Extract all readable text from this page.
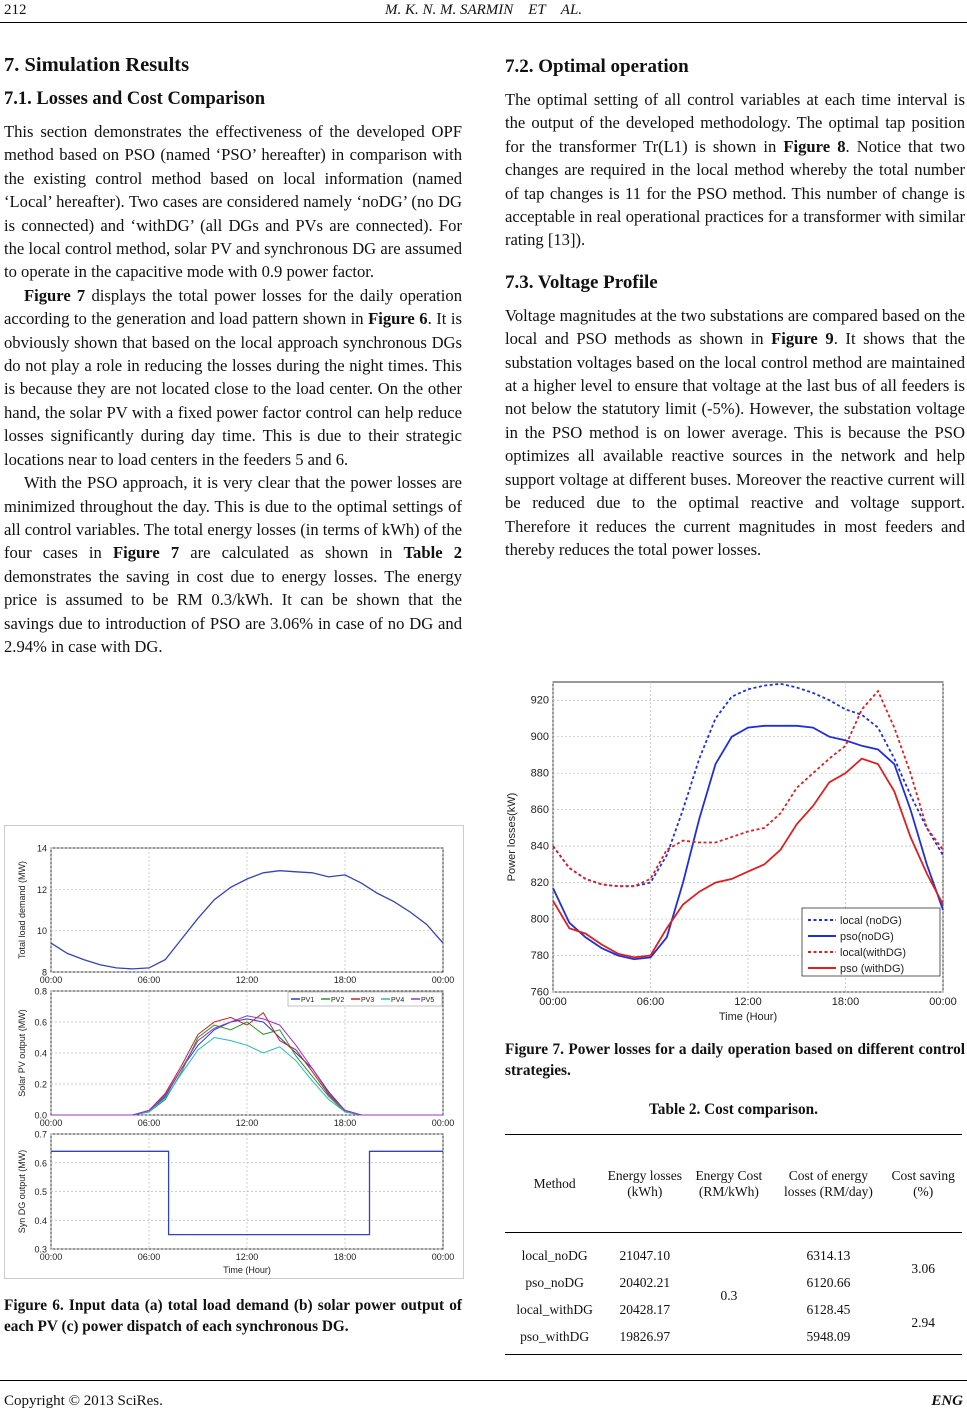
212	M. K. N. M. SARMIN ET AL.
7. Simulation Results
7.1. Losses and Cost Comparison

This section demonstrates the effectiveness of the developed OPF method based on PSO (named ‘PSO’ hereafter) in comparison with the existing control method based on local information (named ‘Local’ hereafter). Two cases are considered namely ‘noDG’ (no DG is connected) and ‘withDG’ (all DGs and PVs are connected). For the local control method, solar PV and synchronous DG are assumed to operate in the capacitive mode with 0.9 power factor.

Figure 7 displays the total power losses for the daily operation according to the generation and load pattern shown in Figure 6. It is obviously shown that based on the local approach synchronous DGs do not play a role in reducing the losses during the night times. This is because they are not located close to the load center. On the other hand, the solar PV with a fixed power factor control can help reduce losses significantly during day time. This is due to their strategic locations near to load centers in the feeders 5 and 6.

With the PSO approach, it is very clear that the power losses are minimized throughout the day. This is due to the optimal settings of all control variables. The total energy losses (in terms of kWh) of the four cases in Figure 7 are calculated as shown in Table 2 demonstrates the saving in cost due to energy losses. The energy price is assumed to be RM 0.3/kWh. It can be shown that the savings due to introduction of PSO are 3.06% in case of no DG and 2.94% in case with DG.

8
10
12
14
00:00	06:00	12:00	18:00	00:00
Total load demand (MW)
0.0
0.2
0.4
0.6
0.8
00:00	06:00	12:00	18:00	00:00
Solar PV output (MW)
0.3
0.4
0.5
0.6
0.7
00:00	06:00	12:00	18:00	00:00
Syn DG output (MW)
Time (Hour)
PV1 PV2 PV3 PV4 PV5
Figure 6. Input data (a) total load demand (b) solar power output of each PV (c) power dispatch of each synchronous DG.
7.2. Optimal operation

The optimal setting of all control variables at each time interval is the output of the developed methodology. The optimal tap position for the transformer Tr(L1) is shown in Figure 8. Notice that two changes are required in the local method whereby the total number of tap changes is 11 for the PSO method. This number of change is acceptable in real operational practices for a transformer with similar rating [13]).

7.3. Voltage Profile

Voltage magnitudes at the two substations are compared based on the local and PSO methods as shown in Figure 9. It shows that the substation voltages based on the local control method are maintained at a higher level to ensure that voltage at the last bus of all feeders is not below the statutory limit (-5%). However, the substation voltage in the PSO method is on lower average. This is because the PSO optimizes all available reactive sources in the network and help support voltage at different buses. Moreover the reactive current will be reduced due to the optimal reactive and voltage support. Therefore it reduces the current magnitudes in most feeders and thereby reduces the total power losses.

760
780
800
820
840
860
880
900
920
00:00	06:00	12:00	18:00	00:00
Power losses(kW)
Time (Hour)
local (noDG)
pso(noDG)
local(withDG)
pso (withDG)
Figure 7. Power losses for a daily operation based on different control strategies.
Table 2. Cost comparison.
Method	Energy losses (kWh)	Energy Cost (RM/kWh)	Cost of energy losses (RM/day)	Cost saving (%)

local_noDG	21047.10	0.3	6314.13	3.06
pso_noDG	20402.21		6120.66	
local_withDG	20428.17		6128.45	2.94
pso_withDG	19826.97		5948.09	
Copyright © 2013 SciRes.	ENG
